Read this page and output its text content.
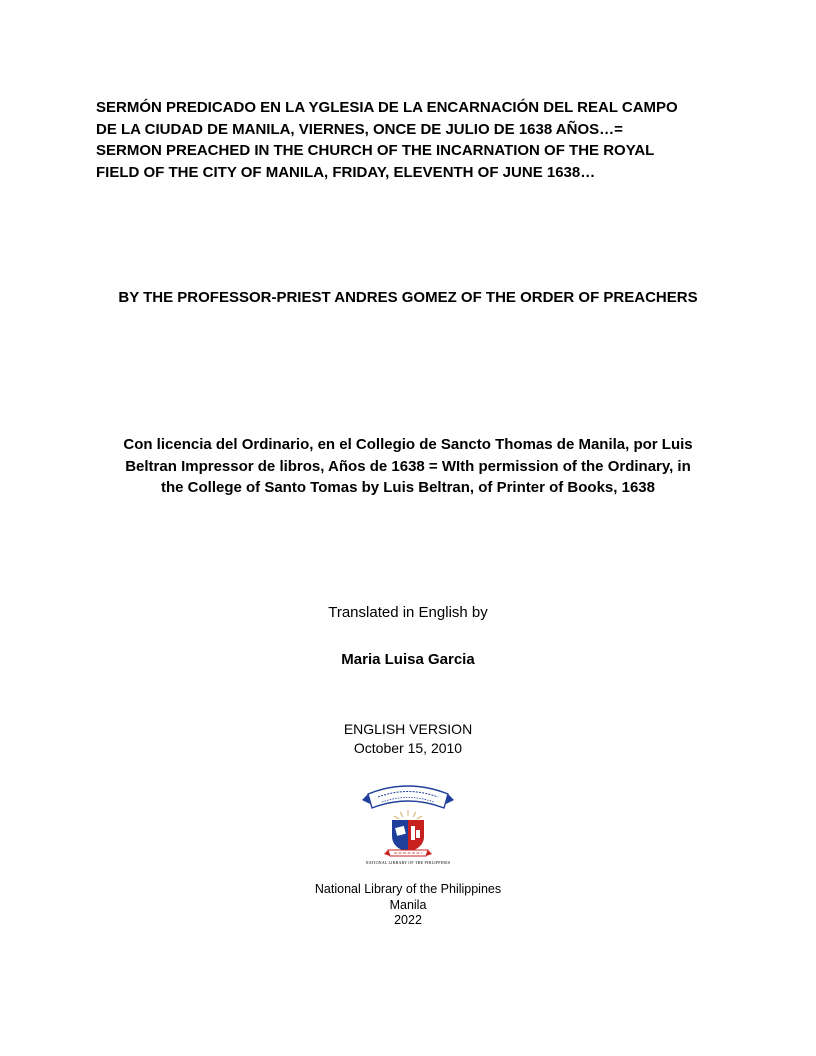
SERMÓN PREDICADO EN LA YGLESIA DE LA ENCARNACIÓN DEL REAL CAMPO
DE LA CIUDAD DE MANILA, VIERNES, ONCE DE JULIO DE 1638 AÑOS…=
SERMON PREACHED IN THE CHURCH OF THE INCARNATION OF THE ROYAL
FIELD OF THE CITY OF MANILA, FRIDAY, ELEVENTH OF JUNE 1638…
BY THE PROFESSOR-PRIEST ANDRES GOMEZ OF THE ORDER OF PREACHERS
Con licencia del Ordinario, en el Collegio de Sancto Thomas de Manila, por Luis
Beltran Impressor de libros, Años de 1638 = WIth permission of the Ordinary, in
the College of Santo Tomas by Luis Beltran, of Printer of Books, 1638
Translated in English by
Maria Luisa Garcia
ENGLISH VERSION
October 15, 2010
NATIONAL LIBRARY OF THE PHILIPPINES
National Library of the Philippines
Manila
2022
